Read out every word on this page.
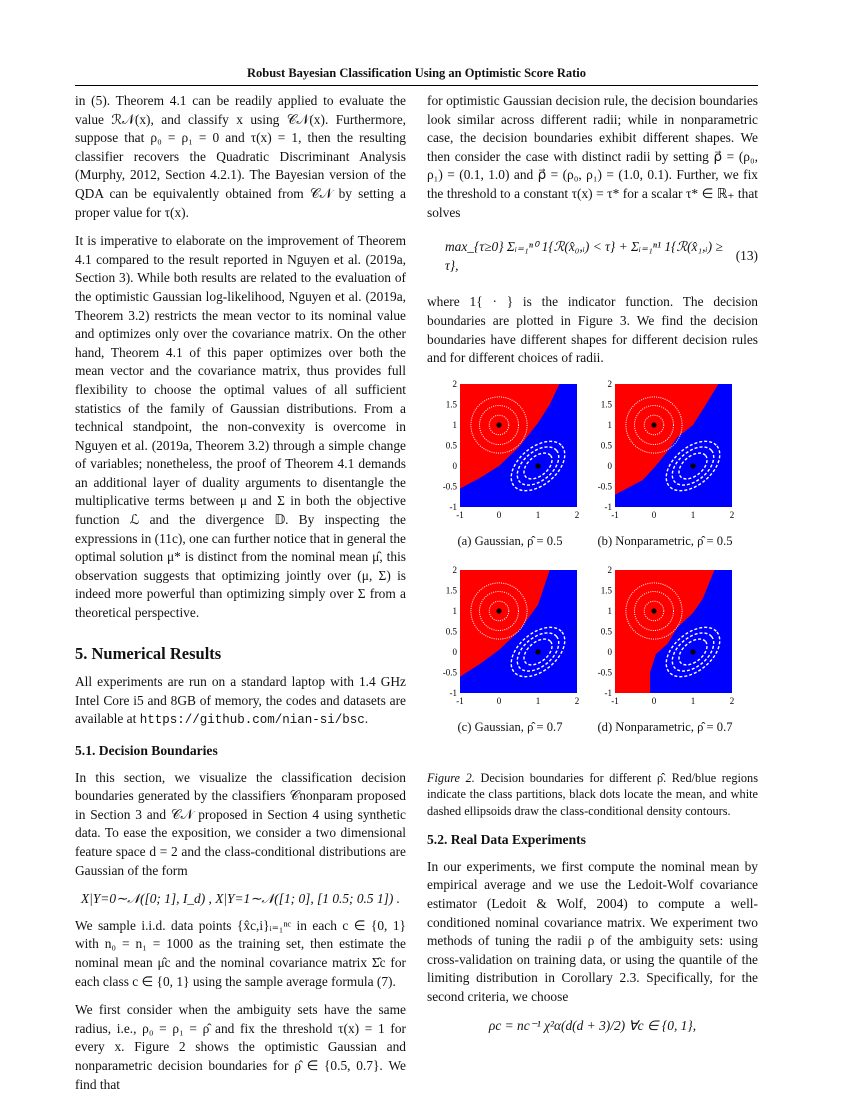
Robust Bayesian Classification Using an Optimistic Score Ratio

in (5). Theorem 4.1 can be readily applied to evaluate the value ℛ𝒩(x), and classify x using 𝒞𝒩(x). Furthermore, suppose that ρ₀ = ρ₁ = 0 and τ(x) = 1, then the resulting classifier recovers the Quadratic Discriminant Analysis (Murphy, 2012, Section 4.2.1). The Bayesian version of the QDA can be equivalently obtained from 𝒞𝒩 by setting a proper value for τ(x).

It is imperative to elaborate on the improvement of Theorem 4.1 compared to the result reported in Nguyen et al. (2019a, Section 3). While both results are related to the evaluation of the optimistic Gaussian log-likelihood, Nguyen et al. (2019a, Theorem 3.2) restricts the mean vector to its nominal value and optimizes only over the covariance matrix. On the other hand, Theorem 4.1 of this paper optimizes over both the mean vector and the covariance matrix, thus provides full flexibility to choose the optimal values of all sufficient statistics of the family of Gaussian distributions. From a technical standpoint, the non-convexity is overcome in Nguyen et al. (2019a, Theorem 3.2) through a simple change of variables; nonetheless, the proof of Theorem 4.1 demands an additional layer of duality arguments to disentangle the multiplicative terms between μ and Σ in both the objective function ℒ and the divergence 𝔻. By inspecting the expressions in (11c), one can further notice that in general the optimal solution μ* is distinct from the nominal mean μ̂, this observation suggests that optimizing jointly over (μ, Σ) is indeed more powerful than optimizing simply over Σ from a theoretical perspective.

5. Numerical Results

All experiments are run on a standard laptop with 1.4 GHz Intel Core i5 and 8GB of memory, the codes and datasets are available at https://github.com/nian-si/bsc.

5.1. Decision Boundaries

In this section, we visualize the classification decision boundaries generated by the classifiers 𝒞nonparam proposed in Section 3 and 𝒞𝒩 proposed in Section 4 using synthetic data. To ease the exposition, we consider a two dimensional feature space d = 2 and the class-conditional distributions are Gaussian of the form

X|Y=0∼𝒩([0; 1], I_d) , X|Y=1∼𝒩([1; 0], [1 0.5; 0.5 1]) .

We sample i.i.d. data points {x̂c,i}ᵢ₌₁ⁿᶜ in each c ∈ {0, 1} with n₀ = n₁ = 1000 as the training set, then estimate the nominal mean μ̂c and the nominal covariance matrix Σ̂c for each class c ∈ {0, 1} using the sample average formula (7).

We first consider when the ambiguity sets have the same radius, i.e., ρ₀ = ρ₁ = ρ̂ and fix the threshold τ(x) = 1 for every x. Figure 2 shows the optimistic Gaussian and nonparametric decision boundaries for ρ̂ ∈ {0.5, 0.7}. We find that

for optimistic Gaussian decision rule, the decision boundaries look similar across different radii; while in nonparametric case, the decision boundaries exhibit different shapes. We then consider the case with distinct radii by setting ρ⃗ = (ρ₀, ρ₁) = (0.1, 1.0) and ρ⃗ = (ρ₀, ρ₁) = (1.0, 0.1). Further, we fix the threshold to a constant τ(x) = τ* for a scalar τ* ∈ ℝ₊ that solves

max_{τ≥0} Σᵢ₌₁ⁿ⁰ 1{ℛ(x̂₀,ᵢ) < τ} + Σᵢ₌₁ⁿ¹ 1{ℛ(x̂₁,ᵢ) ≥ τ},
(13)

where 1{ · } is the indicator function. The decision boundaries are plotted in Figure 3. We find the decision boundaries have different shapes for different decision rules and for different choices of radii.

2
1.5
1
0.5
0
-0.5
-1
-1	0	1	2
(a) Gaussian, ρ̂ = 0.5
2
1.5
1
0.5
0
-0.5
-1
-1	0	1	2
(b) Nonparametric, ρ̂ = 0.5
2
1.5
1
0.5
0
-0.5
-1
-1	0	1	2
(c) Gaussian, ρ̂ = 0.7
2
1.5
1
0.5
0
-0.5
-1
-1	0	1	2
(d) Nonparametric, ρ̂ = 0.7

Figure 2. Decision boundaries for different ρ̂. Red/blue regions indicate the class partitions, black dots locate the mean, and white dashed ellipsoids draw the class-conditional density contours.

5.2. Real Data Experiments

In our experiments, we first compute the nominal mean by empirical average and we use the Ledoit-Wolf covariance estimator (Ledoit & Wolf, 2004) to compute a well-conditioned nominal covariance matrix. We experiment two methods of tuning the radii ρ of the ambiguity sets: using cross-validation on training data, or using the quantile of the limiting distribution in Corollary 2.3. Specifically, for the second criteria, we choose

ρc = nc⁻¹ χ²α(d(d + 3)/2) ∀c ∈ {0, 1},
